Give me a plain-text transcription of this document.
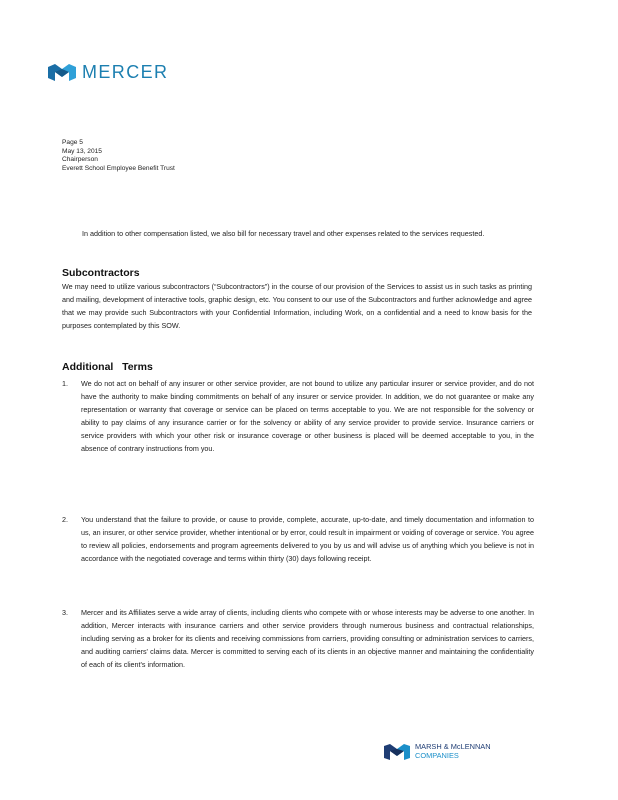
MERCER
Page 5
May 13, 2015
Chairperson
Everett School Employee Benefit Trust
In addition to other compensation listed, we also bill for necessary travel and other expenses related to the services requested.
Subcontractors
We may need to utilize various subcontractors (“Subcontractors”) in the course of our provision of the Services to assist us in such tasks as printing and mailing, development of interactive tools, graphic design, etc. You consent to our use of the Subcontractors and further acknowledge and agree that we may provide such Subcontractors with your Confidential Information, including Work, on a confidential and a need to know basis for the purposes contemplated by this SOW.
Additional   Terms
1. We do not act on behalf of any insurer or other service provider, are not bound to utilize any particular insurer or service provider, and do not have the authority to make binding commitments on behalf of any insurer or service provider. In addition, we do not guarantee or make any representation or warranty that coverage or service can be placed on terms acceptable to you. We are not responsible for the solvency or ability to pay claims of any insurance carrier or for the solvency or ability of any service provider to provide service. Insurance carriers or service providers with which your other risk or insurance coverage or other business is placed will be deemed acceptable to you, in the absence of contrary instructions from you.
2. You understand that the failure to provide, or cause to provide, complete, accurate, up-to-date, and timely documentation and information to us, an insurer, or other service provider, whether intentional or by error, could result in impairment or voiding of coverage or service. You agree to review all policies, endorsements and program agreements delivered to you by us and will advise us of anything which you believe is not in accordance with the negotiated coverage and terms within thirty (30) days following receipt.
3. Mercer and its Affiliates serve a wide array of clients, including clients who compete with or whose interests may be adverse to one another. In addition, Mercer interacts with insurance carriers and other service providers through numerous business and contractual relationships, including serving as a broker for its clients and receiving commissions from carriers, providing consulting or administration services to carriers, and auditing carriers' claims data. Mercer is committed to serving each of its clients in an objective manner and maintaining the confidentiality of each of its client's information.
MARSH & McLENNAN
COMPANIES
